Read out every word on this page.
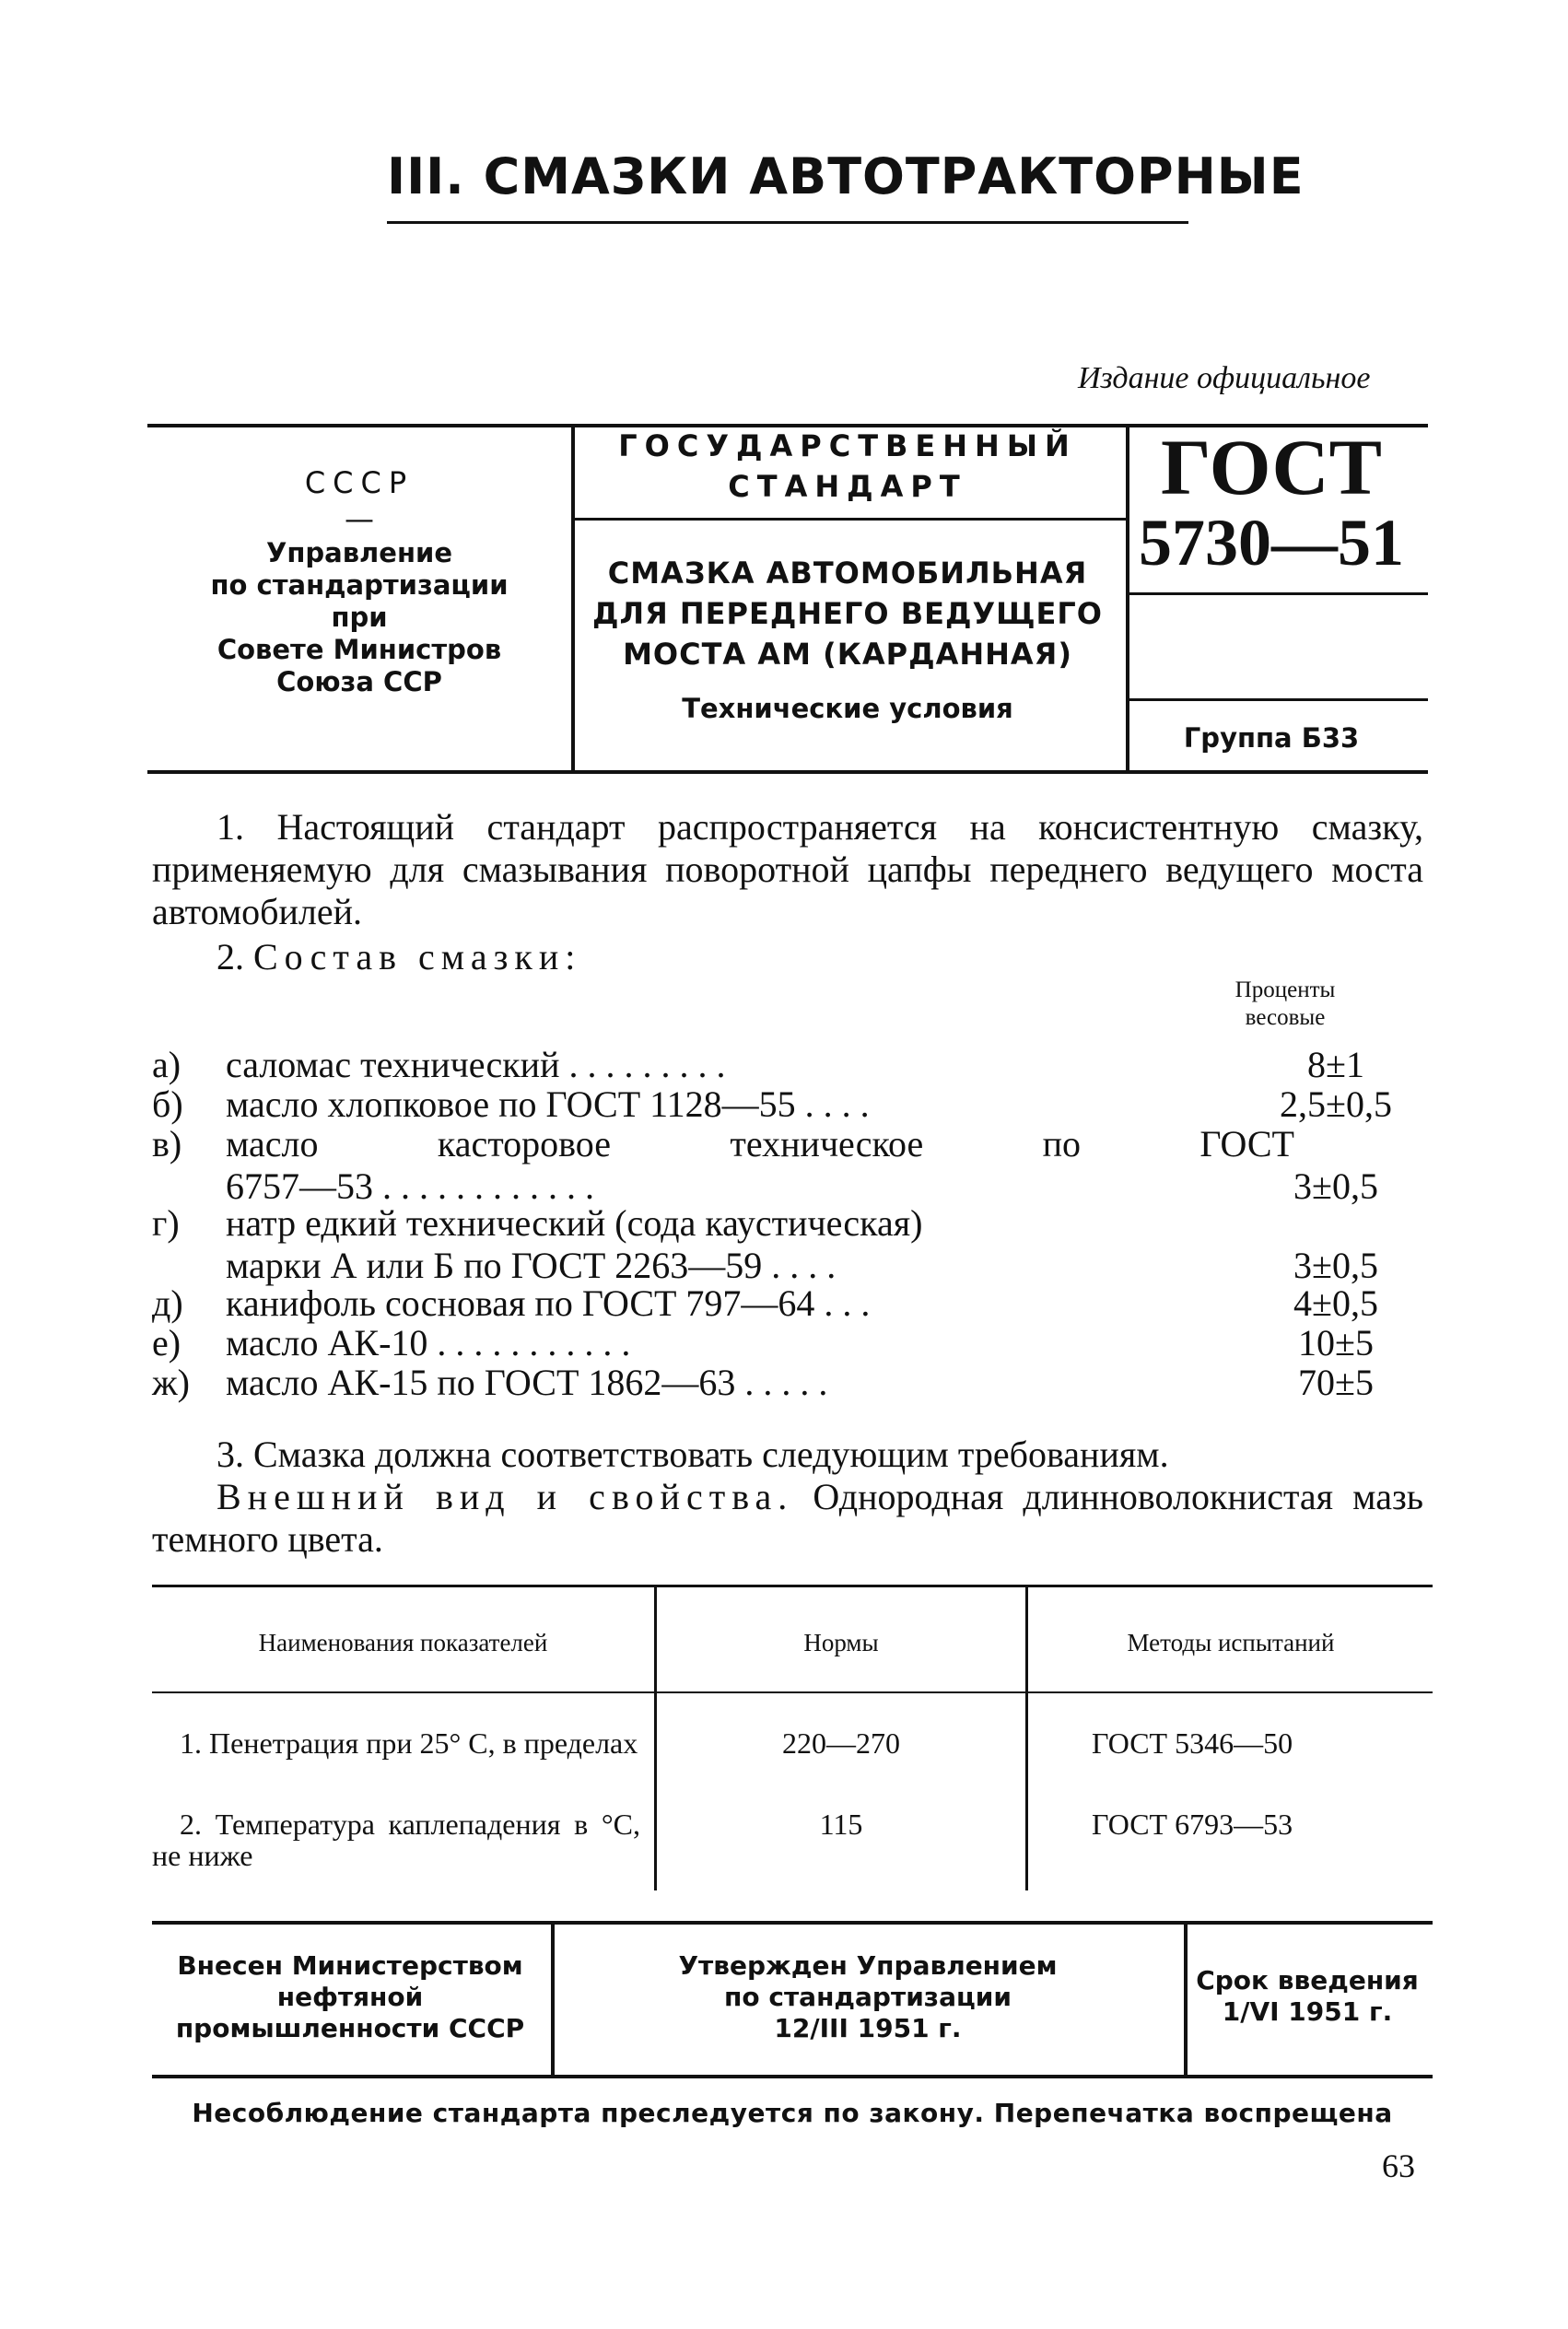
III. СМАЗКИ АВТОТРАКТОРНЫЕ
Издание официальное
СССР
—
Управление
по стандартизации
при
Совете Министров
Союза ССР
ГОСУДАРСТВЕННЫЙ
СТАНДАРТ
СМАЗКА АВТОМОБИЛЬНАЯ
ДЛЯ ПЕРЕДНЕГО ВЕДУЩЕГО
МОСТА АМ (КАРДАННАЯ)
Технические условия
ГОСТ
5730—51
Группа Б33
1. Настоящий стандарт распространяется на консистентную смазку, применяемую для смазывания поворотной цапфы переднего ведущего моста автомобилей.
2. Состав смазки:
Проценты
весовые
а)	саломас технический . . . . . . . . .	8±1
б)	масло хлопковое по ГОСТ 1128—55 . . . .	2,5±0,5
в)	масло касторовое техническое по ГОСТ
6757—53 . . . . . . . . . . . .	3±0,5
г)	натр едкий технический (сода каустическая)
марки А или Б по ГОСТ 2263—59 . . . .	3±0,5
д)	канифоль сосновая по ГОСТ 797—64 . . .	4±0,5
е)	масло АК-10 . . . . . . . . . . .	10±5
ж) масло АК-15 по ГОСТ 1862—63 . . . . .	70±5
3. Смазка должна соответствовать следующим требованиям.
Внешний вид и свойства. Однородная длинноволокнистая мазь темного цвета.
Наименования показателей	Нормы	Методы испытаний
1. Пенетрация при 25° С, в пределах	220—270	ГОСТ 5346—50
2. Температура каплепадения в °С, не ниже
115	ГОСТ 6793—53
Внесен Министерством
нефтяной
промышленности СССР
Утвержден Управлением
по стандартизации
12/III 1951 г.
Срок введения
1/VI 1951 г.
Несоблюдение стандарта преследуется по закону. Перепечатка воспрещена
63
